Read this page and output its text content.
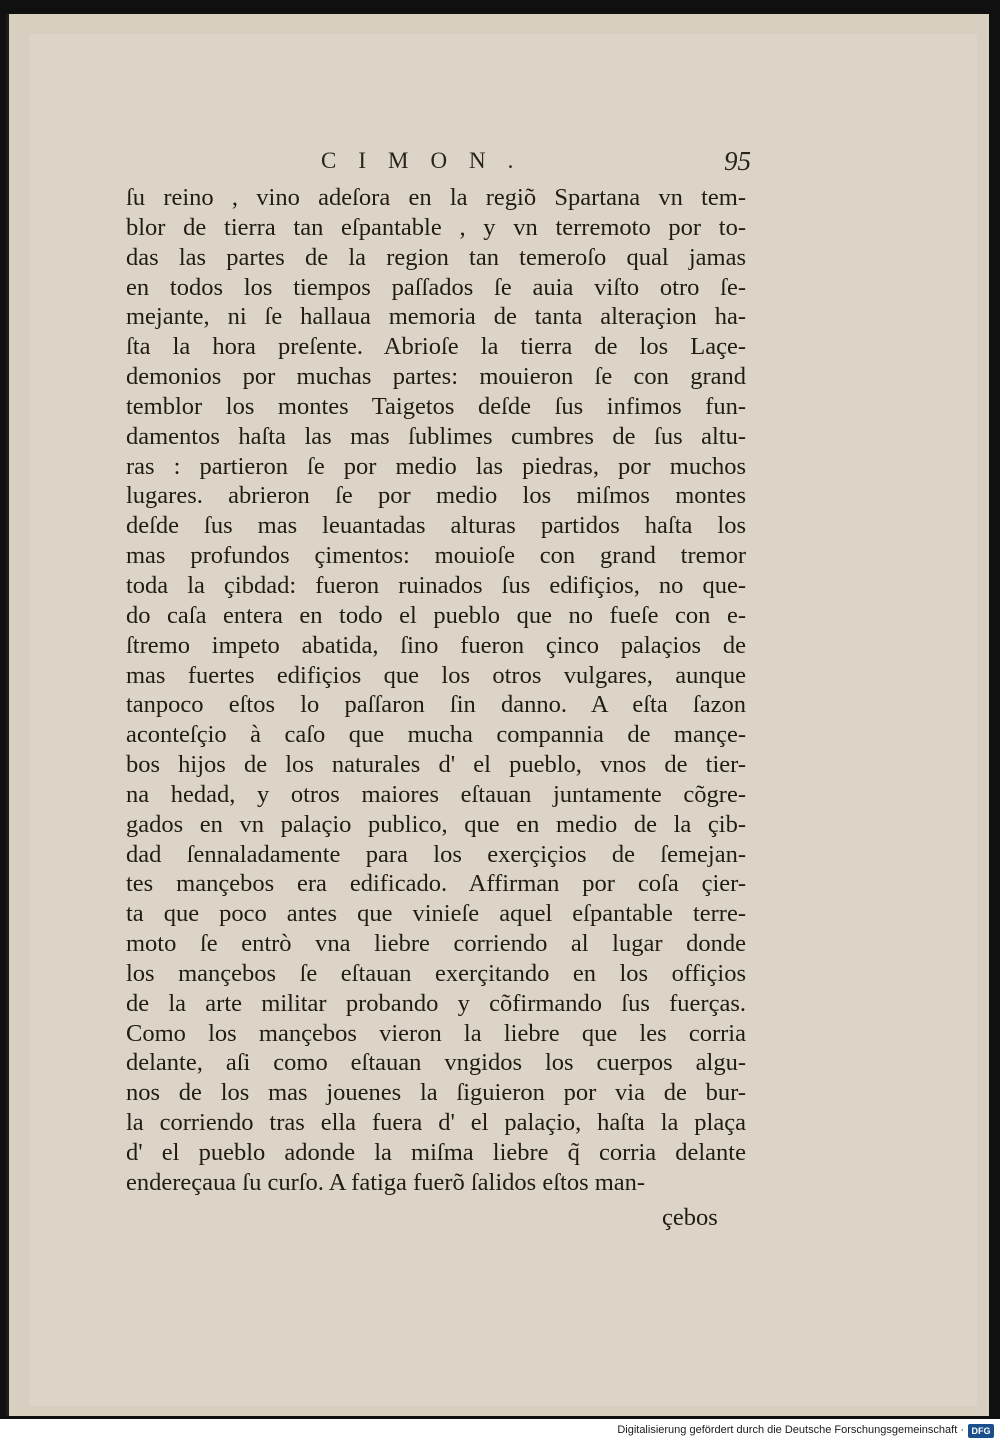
CIMON.	95
ſu reino , vino adeſora en la regiõ Spartana vn tem-
blor de tierra tan eſpantable , y vn terremoto por to-
das las partes de la region tan temeroſo qual jamas
en todos los tiempos paſſados ſe auia viſto otro ſe-
mejante, ni ſe hallaua memoria de tanta alteraçion ha-
ſta la hora preſente. Abrioſe la tierra de los Laçe-
demonios por muchas partes: mouieron ſe con grand
temblor los montes Taigetos deſde ſus infimos fun-
damentos haſta las mas ſublimes cumbres de ſus altu-
ras : partieron ſe por medio las piedras, por muchos
lugares. abrieron ſe por medio los miſmos montes
deſde ſus mas leuantadas alturas partidos haſta los
mas profundos çimentos: mouioſe con grand tremor
toda la çibdad: fueron ruinados ſus edifiçios, no que-
do caſa entera en todo el pueblo que no fueſe con e-
ſtremo impeto abatida, ſino fueron çinco palaçios de
mas fuertes edifiçios que los otros vulgares, aunque
tanpoco eſtos lo paſſaron ſin danno. A eſta ſazon
aconteſçio à caſo que mucha compannia de mançe-
bos hijos de los naturales d' el pueblo, vnos de tier-
na hedad, y otros maiores eſtauan juntamente cõgre-
gados en vn palaçio publico, que en medio de la çib-
dad ſennaladamente para los exerçiçios de ſemejan-
tes mançebos era edificado. Affirman por coſa çier-
ta que poco antes que vinieſe aquel eſpantable terre-
moto ſe entrò vna liebre corriendo al lugar donde
los mançebos ſe eſtauan exerçitando en los offiçios
de la arte militar probando y cõfirmando ſus fuerças.
Como los mançebos vieron la liebre que les corria
delante, aſi como eſtauan vngidos los cuerpos algu-
nos de los mas jouenes la ſiguieron por via de bur-
la corriendo tras ella fuera d' el palaçio, haſta la plaça
d' el pueblo adonde la miſma liebre q̃ corria delante
endereçaua ſu curſo. A fatiga fuerõ ſalidos eſtos man-
çebos
Digitalisierung gefördert durch die Deutsche Forschungsgemeinschaft · DFG
